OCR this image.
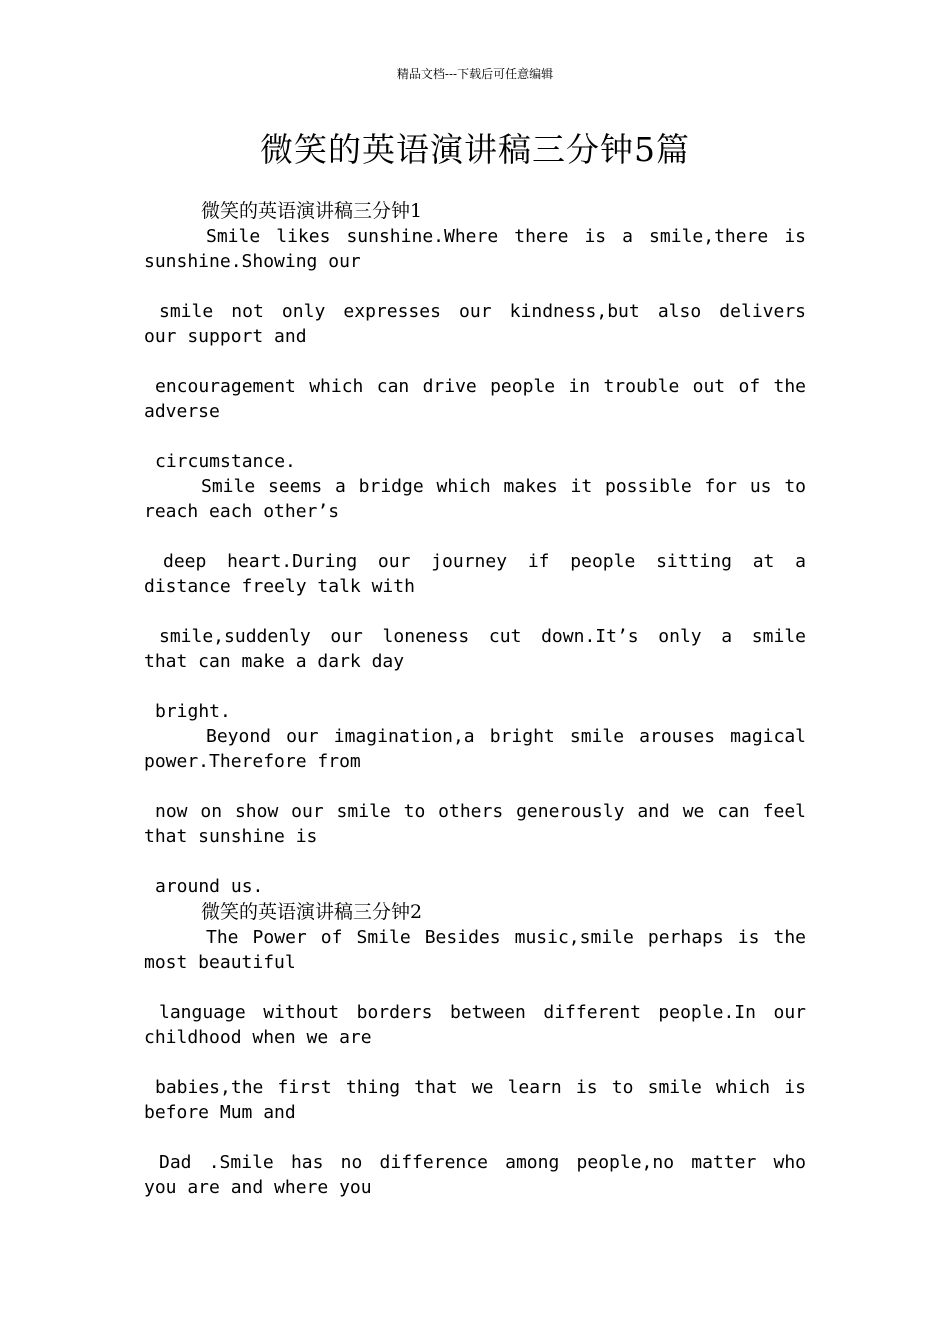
精品文档---下载后可任意编辑
微笑的英语演讲稿三分钟5篇
微笑的英语演讲稿三分钟1
Smile likes sunshine.Where there is a smile,there is
sunshine.Showing our
smile not only expresses our kindness,but also delivers
our support and
encouragement which can drive people in trouble out of the
adverse
circumstance.
Smile seems a bridge which makes it possible for us to
reach each other’s
deep heart.During our journey if people sitting at a
distance freely talk with
smile,suddenly our loneness cut down.It’s only a smile
that can make a dark day
bright.
Beyond our imagination,a bright smile arouses magical
power.Therefore from
now on show our smile to others generously and we can feel
that sunshine is
around us.
微笑的英语演讲稿三分钟2
The Power of Smile Besides music,smile perhaps is the
most beautiful
language without borders between different people.In our
childhood when we are
babies,the first thing that we learn is to smile which is
before Mum and
Dad .Smile has no difference among people,no matter who
you are and where you
